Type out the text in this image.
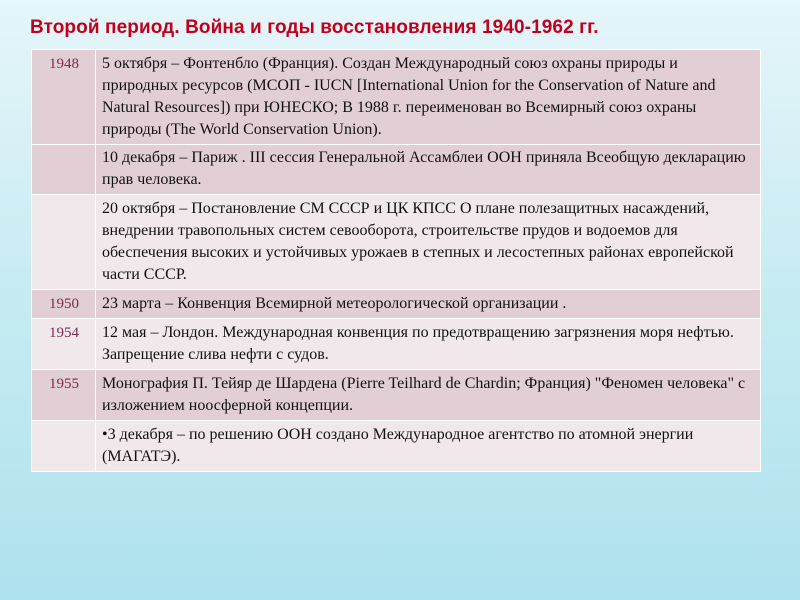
Второй период. Война и годы восстановления 1940-1962 гг.
1948	5 октября – Фонтенбло (Франция). Создан Международный союз охраны природы и природных ресурсов (МСОП - IUCN [International Union for the Conservation of Nature and Natural Resources]) при ЮНЕСКО; В 1988 г. переименован во Всемирный союз охраны природы (The World Conservation Union).
	10 декабря – Париж . III сессия Генеральной Ассамблеи ООН приняла Всеобщую декларацию прав человека.
	20 октября – Постановление СМ СССР и ЦК КПСС О плане полезащитных насаждений, внедрении травопольных систем севооборота, строительстве прудов и водоемов для обеспечения высоких и устойчивых урожаев в степных и лесостепных районах европейской части СССР.
1950	23 марта – Конвенция Всемирной метеорологической организации .
1954	12 мая – Лондон. Международная конвенция по предотвращению загрязнения моря нефтью. Запрещение слива нефти с судов.
1955	Монография П. Тейяр де Шардена (Pierre Teilhard de Chardin; Франция) "Феномен человека" с изложением ноосферной концепции.
	•3 декабря – по решению ООН создано Международное агентство по атомной энергии (МАГАТЭ).
